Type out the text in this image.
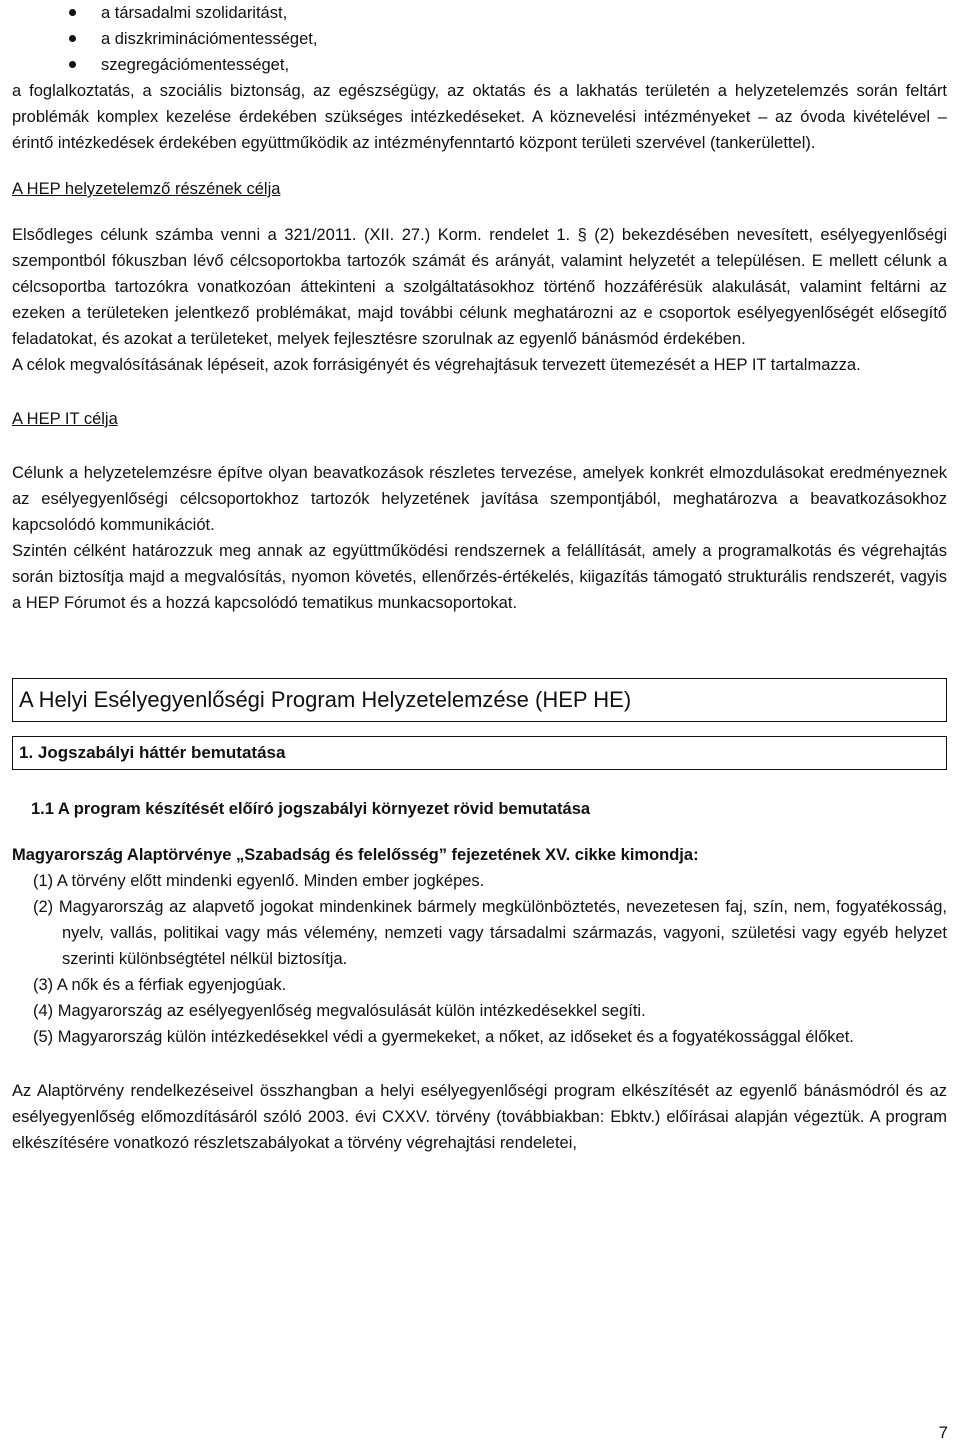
a társadalmi szolidaritást,
a diszkriminációmentességet,
szegregációmentességet,

a foglalkoztatás, a szociális biztonság, az egészségügy, az oktatás és a lakhatás területén a helyzetelemzés során feltárt problémák komplex kezelése érdekében szükséges intézkedéseket. A köznevelési intézményeket – az óvoda kivételével – érintő intézkedések érdekében együttműködik az intézményfenntartó központ területi szervével (tankerülettel).

A HEP helyzetelemző részének célja

Elsődleges célunk számba venni a 321/2011. (XII. 27.) Korm. rendelet 1. § (2) bekezdésében nevesített, esélyegyenlőségi szempontból fókuszban lévő célcsoportokba tartozók számát és arányát, valamint helyzetét a településen. E mellett célunk a célcsoportba tartozókra vonatkozóan áttekinteni a szolgáltatásokhoz történő hozzáférésük alakulását, valamint feltárni az ezeken a területeken jelentkező problémákat, majd további célunk meghatározni az e csoportok esélyegyenlőségét elősegítő feladatokat, és azokat a területeket, melyek fejlesztésre szorulnak az egyenlő bánásmód érdekében.

A célok megvalósításának lépéseit, azok forrásigényét és végrehajtásuk tervezett ütemezését a HEP IT tartalmazza.

A HEP IT célja

Célunk a helyzetelemzésre építve olyan beavatkozások részletes tervezése, amelyek konkrét elmozdulásokat eredményeznek az esélyegyenlőségi célcsoportokhoz tartozók helyzetének javítása szempontjából, meghatározva a beavatkozásokhoz kapcsolódó kommunikációt.

Szintén célként határozzuk meg annak az együttműködési rendszernek a felállítását, amely a programalkotás és végrehajtás során biztosítja majd a megvalósítás, nyomon követés, ellenőrzés-értékelés, kiigazítás támogató strukturális rendszerét, vagyis a HEP Fórumot és a hozzá kapcsolódó tematikus munkacsoportokat.

A Helyi Esélyegyenlőségi Program Helyzetelemzése (HEP HE)
1. Jogszabályi háttér bemutatása

1.1 A program készítését előíró jogszabályi környezet rövid bemutatása

Magyarország Alaptörvénye „Szabadság és felelősség” fejezetének XV. cikke kimondja:

(1) A törvény előtt mindenki egyenlő. Minden ember jogképes.
(2) Magyarország az alapvető jogokat mindenkinek bármely megkülönböztetés, nevezetesen faj, szín, nem, fogyatékosság, nyelv, vallás, politikai vagy más vélemény, nemzeti vagy társadalmi származás, vagyoni, születési vagy egyéb helyzet szerinti különbségtétel nélkül biztosítja.
(3) A nők és a férfiak egyenjogúak.
(4) Magyarország az esélyegyenlőség megvalósulását külön intézkedésekkel segíti.
(5) Magyarország külön intézkedésekkel védi a gyermekeket, a nőket, az időseket és a fogyatékossággal élőket.

Az Alaptörvény rendelkezéseivel összhangban a helyi esélyegyenlőségi program elkészítését az egyenlő bánásmódról és az esélyegyenlőség előmozdításáról szóló 2003. évi CXXV. törvény (továbbiakban: Ebktv.) előírásai alapján végeztük. A program elkészítésére vonatkozó részletszabályokat a törvény végrehajtási rendeletei,

7
